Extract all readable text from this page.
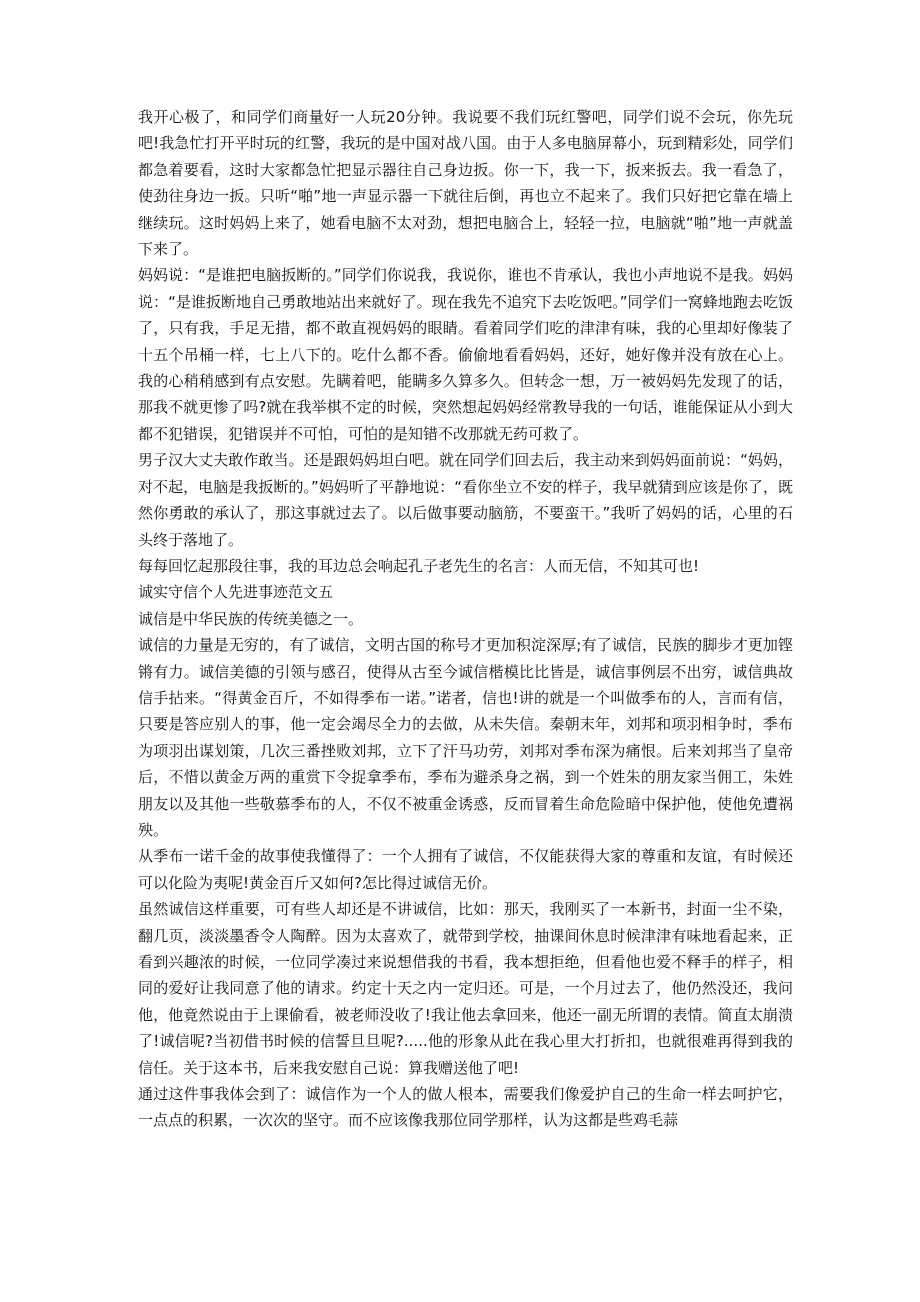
我开心极了，和同学们商量好一人玩20分钟。我说要不我们玩红警吧，同学们说不会玩，你先玩吧!我急忙打开平时玩的红警，我玩的是中国对战八国。由于人多电脑屏幕小，玩到精彩处，同学们都急着要看，这时大家都急忙把显示器往自己身边扳。你一下，我一下，扳来扳去。我一看急了，使劲往身边一扳。只听“啪”地一声显示器一下就往后倒，再也立不起来了。我们只好把它靠在墙上继续玩。这时妈妈上来了，她看电脑不太对劲，想把电脑合上，轻轻一拉，电脑就“啪”地一声就盖下来了。

妈妈说：“是谁把电脑扳断的。”同学们你说我，我说你，谁也不肯承认，我也小声地说不是我。妈妈说：“是谁扳断地自己勇敢地站出来就好了。现在我先不追究下去吃饭吧。”同学们一窝蜂地跑去吃饭了，只有我，手足无措，都不敢直视妈妈的眼睛。看着同学们吃的津津有味，我的心里却好像装了十五个吊桶一样，七上八下的。吃什么都不香。偷偷地看看妈妈，还好，她好像并没有放在心上。我的心稍稍感到有点安慰。先瞒着吧，能瞒多久算多久。但转念一想，万一被妈妈先发现了的话，那我不就更惨了吗?就在我举棋不定的时候，突然想起妈妈经常教导我的一句话，谁能保证从小到大都不犯错误，犯错误并不可怕，可怕的是知错不改那就无药可救了。

男子汉大丈夫敢作敢当。还是跟妈妈坦白吧。就在同学们回去后，我主动来到妈妈面前说：“妈妈，对不起，电脑是我扳断的。”妈妈听了平静地说：“看你坐立不安的样子，我早就猜到应该是你了，既然你勇敢的承认了，那这事就过去了。以后做事要动脑筋，不要蛮干。”我听了妈妈的话，心里的石头终于落地了。

每每回忆起那段往事，我的耳边总会响起孔子老先生的名言：人而无信，不知其可也!

诚实守信个人先进事迹范文五

诚信是中华民族的传统美德之一。

诚信的力量是无穷的，有了诚信，文明古国的称号才更加积淀深厚;有了诚信，民族的脚步才更加铿锵有力。诚信美德的引领与感召，使得从古至今诚信楷模比比皆是，诚信事例层不出穷，诚信典故信手拈来。“得黄金百斤，不如得季布一诺。”诺者，信也!讲的就是一个叫做季布的人，言而有信，只要是答应别人的事，他一定会竭尽全力的去做，从未失信。秦朝末年，刘邦和项羽相争时，季布为项羽出谋划策，几次三番挫败刘邦，立下了汗马功劳，刘邦对季布深为痛恨。后来刘邦当了皇帝后，不惜以黄金万两的重赏下令捉拿季布，季布为避杀身之祸，到一个姓朱的朋友家当佣工，朱姓朋友以及其他一些敬慕季布的人，不仅不被重金诱惑，反而冒着生命危险暗中保护他，使他免遭祸殃。

从季布一诺千金的故事使我懂得了：一个人拥有了诚信，不仅能获得大家的尊重和友谊，有时候还可以化险为夷呢!黄金百斤又如何?怎比得过诚信无价。

虽然诚信这样重要，可有些人却还是不讲诚信，比如：那天，我刚买了一本新书，封面一尘不染，翻几页，淡淡墨香令人陶醉。因为太喜欢了，就带到学校，抽课间休息时候津津有味地看起来，正看到兴趣浓的时候，一位同学凑过来说想借我的书看，我本想拒绝，但看他也爱不释手的样子，相同的爱好让我同意了他的请求。约定十天之内一定归还。可是，一个月过去了，他仍然没还，我问他，他竟然说由于上课偷看，被老师没收了!我让他去拿回来，他还一副无所谓的表情。简直太崩溃了!诚信呢?当初借书时候的信誓旦旦呢?.....他的形象从此在我心里大打折扣，也就很难再得到我的信任。关于这本书，后来我安慰自己说：算我赠送他了吧!

通过这件事我体会到了：诚信作为一个人的做人根本，需要我们像爱护自己的生命一样去呵护它，一点点的积累，一次次的坚守。而不应该像我那位同学那样，认为这都是些鸡毛蒜
